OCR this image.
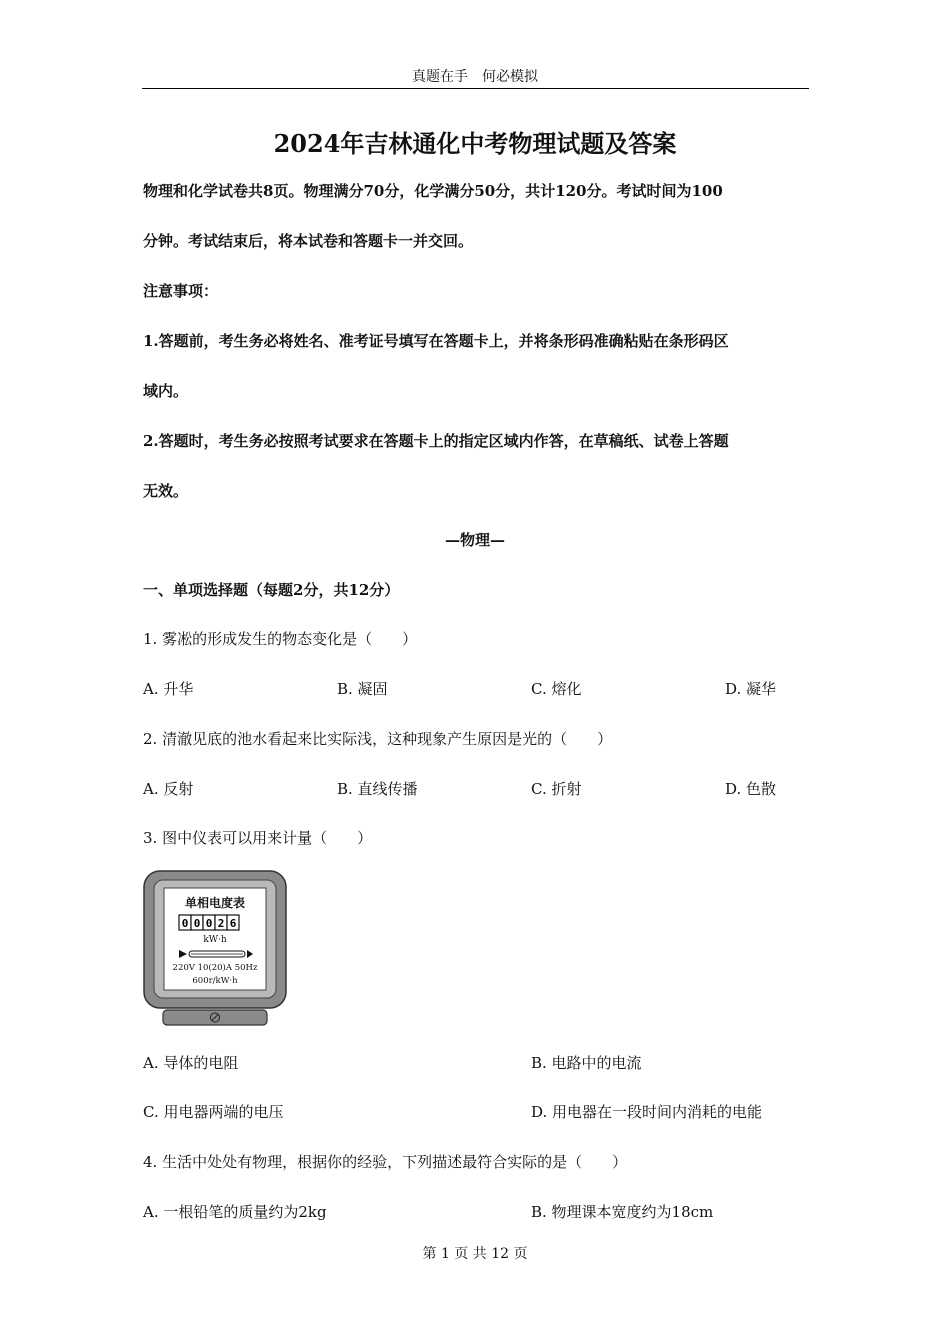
真题在手　何必模拟
2024年吉林通化中考物理试题及答案
物理和化学试卷共8页。物理满分70分，化学满分50分，共计120分。考试时间为100
分钟。考试结束后，将本试卷和答题卡一并交回。
注意事项：
1.答题前，考生务必将姓名、准考证号填写在答题卡上，并将条形码准确粘贴在条形码区
域内。
2.答题时，考生务必按照考试要求在答题卡上的指定区域内作答，在草稿纸、试卷上答题
无效。
—物理—
一、单项选择题（每题2分，共12分）
1. 雾凇的形成发生的物态变化是（　　）
A. 升华	B. 凝固	C. 熔化	D. 凝华
2. 清澈见底的池水看起来比实际浅，这种现象产生原因是光的（　　）
A. 反射	B. 直线传播	C. 折射	D. 色散
3. 图中仪表可以用来计量（　　）
单相电度表
0 0 0 2 6
kW·h
220V 10(20)A 50Hz
600r/kW·h
A. 导体的电阻	B. 电路中的电流
C. 用电器两端的电压	D. 用电器在一段时间内消耗的电能
4. 生活中处处有物理，根据你的经验，下列描述最符合实际的是（　　）
A. 一根铅笔的质量约为2kg	B. 物理课本宽度约为18cm
第 1 页 共 12 页
